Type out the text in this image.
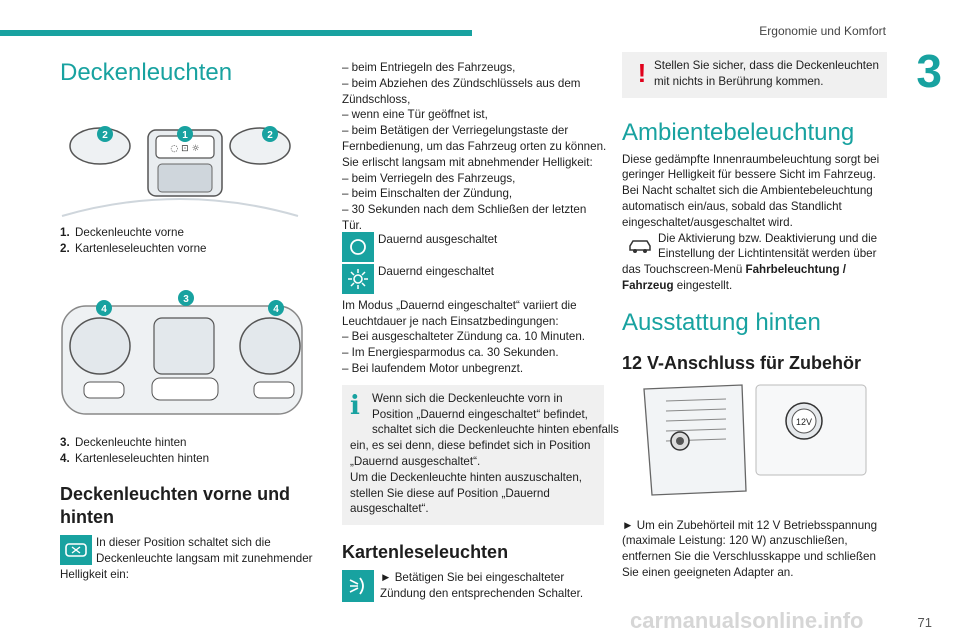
Ergonomie und Komfort
3
Deckenleuchten
◌ ⊡ ☼
2	1	2
1. Deckenleuchte vorne
2. Kartenleseleuchten vorne
4
3
4
3. Deckenleuchte hinten
4. Kartenleseleuchten hinten
Deckenleuchten vorne und hinten
In dieser Position schaltet sich die
Deckenleuchte langsam mit zunehmender
Helligkeit ein:
– beim Entriegeln des Fahrzeugs,
– beim Abziehen des Zündschlüssels aus dem
Zündschloss,
– wenn eine Tür geöffnet ist,
– beim Betätigen der Verriegelungstaste der
Fernbedienung, um das Fahrzeug orten zu können.
Sie erlischt langsam mit abnehmender Helligkeit:
– beim Verriegeln des Fahrzeugs,
– beim Einschalten der Zündung,
– 30 Sekunden nach dem Schließen der letzten
Tür.
Dauernd ausgeschaltet
Dauernd eingeschaltet
Im Modus „Dauernd eingeschaltet“ variiert die
Leuchtdauer je nach Einsatzbedingungen:
– Bei ausgeschalteter Zündung ca. 10 Minuten.
– Im Energiesparmodus ca. 30 Sekunden.
– Bei laufendem Motor unbegrenzt.
i	Wenn sich die Deckenleuchte vorn in
Position „Dauernd eingeschaltet“ befindet,
schaltet sich die Deckenleuchte hinten ebenfalls
ein, es sei denn, diese befindet sich in Position
„Dauernd ausgeschaltet“.
Um die Deckenleuchte hinten auszuschalten,
stellen Sie diese auf Position „Dauernd
ausgeschaltet“.
Kartenleseleuchten
► Betätigen Sie bei eingeschalteter
Zündung den entsprechenden Schalter.
! Stellen Sie sicher, dass die Deckenleuchten
mit nichts in Berührung kommen.
Ambientebeleuchtung
Diese gedämpfte Innenraumbeleuchtung sorgt bei
geringer Helligkeit für bessere Sicht im Fahrzeug.
Bei Nacht schaltet sich die Ambientebeleuchtung
automatisch ein/aus, sobald das Standlicht
eingeschaltet/ausgeschaltet wird.
Die Aktivierung bzw. Deaktivierung und die
Einstellung der Lichtintensität werden über
das Touchscreen-Menü Fahrbeleuchtung /
Fahrzeug eingestellt.
Ausstattung hinten
12 V-Anschluss für Zubehör
12V
► Um ein Zubehörteil mit 12 V Betriebsspannung
(maximale Leistung: 120 W) anzuschließen,
entfernen Sie die Verschlusskappe und schließen
Sie einen geeigneten Adapter an.
carmanualsonline.info	71
